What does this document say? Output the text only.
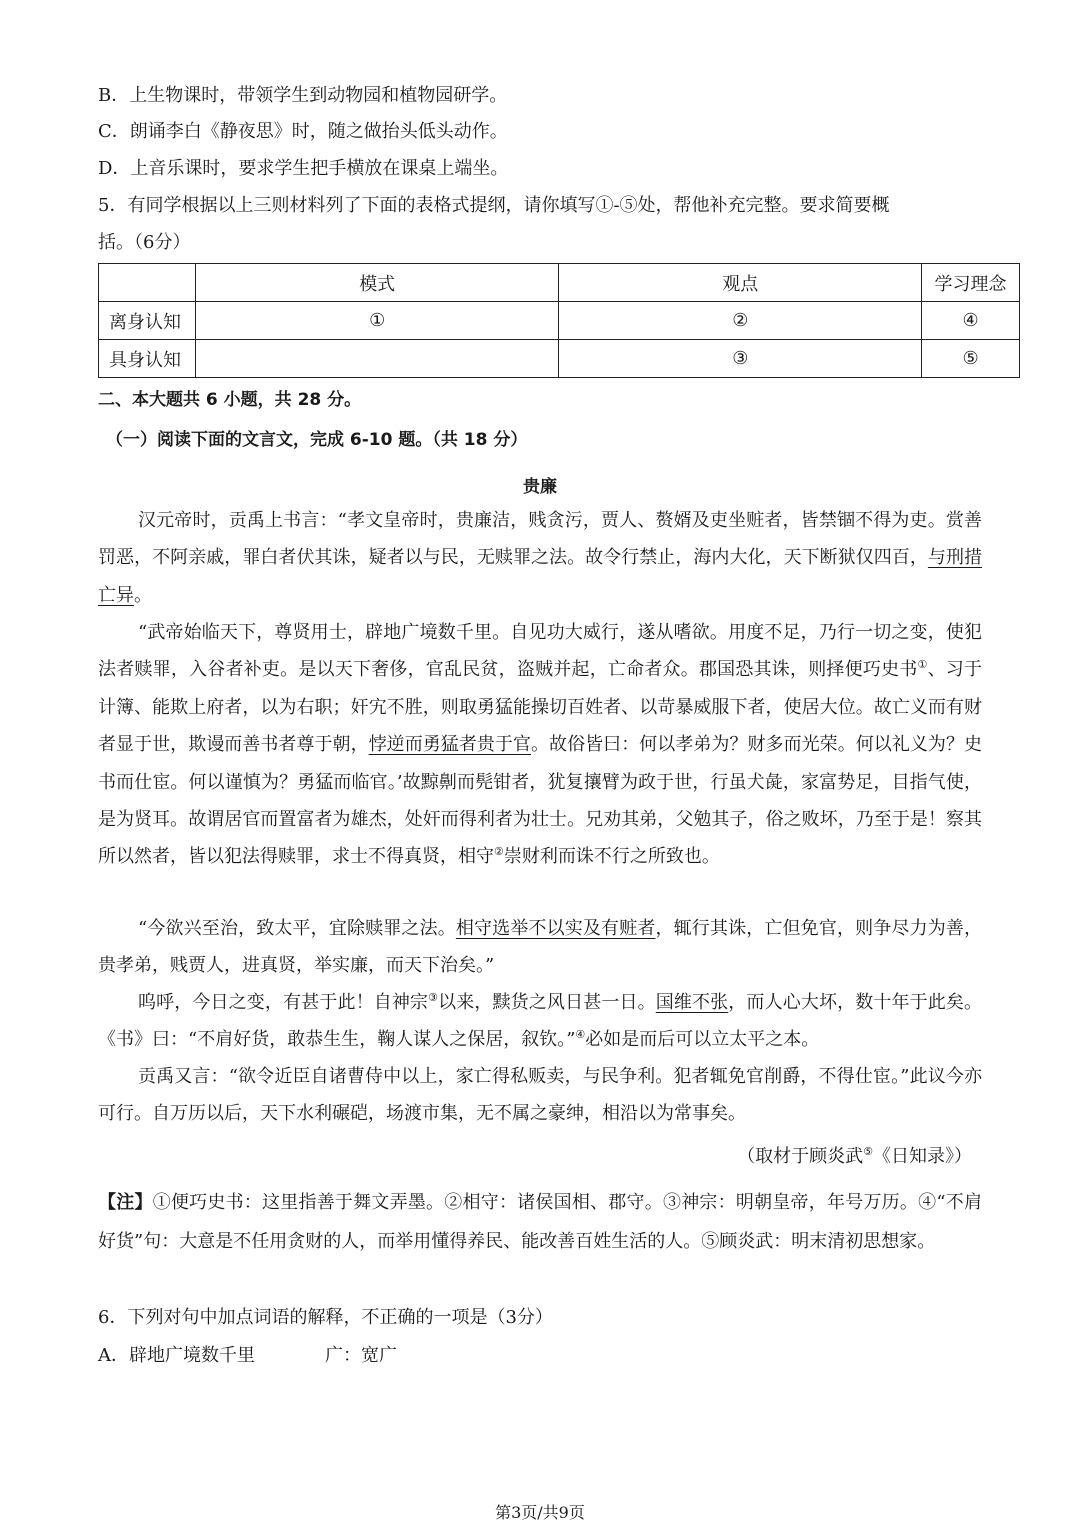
B．上生物课时，带领学生到动物园和植物园研学。
C．朗诵李白《静夜思》时，随之做抬头低头动作。
D．上音乐课时，要求学生把手横放在课桌上端坐。
5．有同学根据以上三则材料列了下面的表格式提纲，请你填写①-⑤处，帮他补充完整。要求简要概
括。（6分）
	模式	观点	学习理念
离身认知	①	②	④
具身认知		③	⑤
二、本大题共 6 小题，共 28 分。
（一）阅读下面的文言文，完成 6-10 题。（共 18 分）
贵廉
汉元帝时，贡禹上书言：“孝文皇帝时，贵廉洁，贱贪污，贾人、赘婿及吏坐赃者，皆禁锢不得为吏。赏善罚恶，不阿亲戚，罪白者伏其诛，疑者以与民，无赎罪之法。故令行禁止，海内大化，天下断狱仅四百，与刑措亡异。
“武帝始临天下，尊贤用士，辟地广境数千里。自见功大威行，遂从嗜欲。用度不足，乃行一切之变，使犯法者赎罪，入谷者补吏。是以天下奢侈，官乱民贫，盗贼并起，亡命者众。郡国恐其诛，则择便巧史书①、习于计簿、能欺上府者，以为右职；奸宄不胜，则取勇猛能操切百姓者、以苛暴威服下者，使居大位。故亡义而有财者显于世，欺谩而善书者尊于朝，悖逆而勇猛者贵于官。故俗皆曰：何以孝弟为？财多而光荣。何以礼义为？史书而仕宦。何以谨慎为？勇猛而临官。’故黥劓而髡钳者，犹复攘臂为政于世，行虽犬彘，家富势足，目指气使，是为贤耳。故谓居官而置富者为雄杰，处奸而得利者为壮士。兄劝其弟，父勉其子，俗之败坏，乃至于是！察其所以然者，皆以犯法得赎罪，求士不得真贤，相守②崇财利而诛不行之所致也。
“今欲兴至治，致太平，宜除赎罪之法。相守选举不以实及有赃者，辄行其诛，亡但免官，则争尽力为善，贵孝弟，贱贾人，进真贤，举实廉，而天下治矣。”
呜呼，今日之变，有甚于此！自神宗③以来，黩货之风日甚一日。国维不张，而人心大坏，数十年于此矣。《书》曰：“不肩好货，敢恭生生，鞠人谋人之保居，叙钦。”④必如是而后可以立太平之本。
贡禹又言：“欲令近臣自诸曹侍中以上，家亡得私贩卖，与民争利。犯者辄免官削爵，不得仕宦。”此议今亦可行。自万历以后，天下水利碾硙，场渡市集，无不属之豪绅，相沿以为常事矣。
（取材于顾炎武⑤《日知录》）
【注】①便巧史书：这里指善于舞文弄墨。②相守：诸侯国相、郡守。③神宗：明朝皇帝，年号万历。④“不肩好货”句：大意是不任用贪财的人，而举用懂得养民、能改善百姓生活的人。⑤顾炎武：明末清初思想家。
6．下列对句中加点词语的解释，不正确的一项是（3分）
A．辟地广境数千里	广：宽广
第3页/共9页
